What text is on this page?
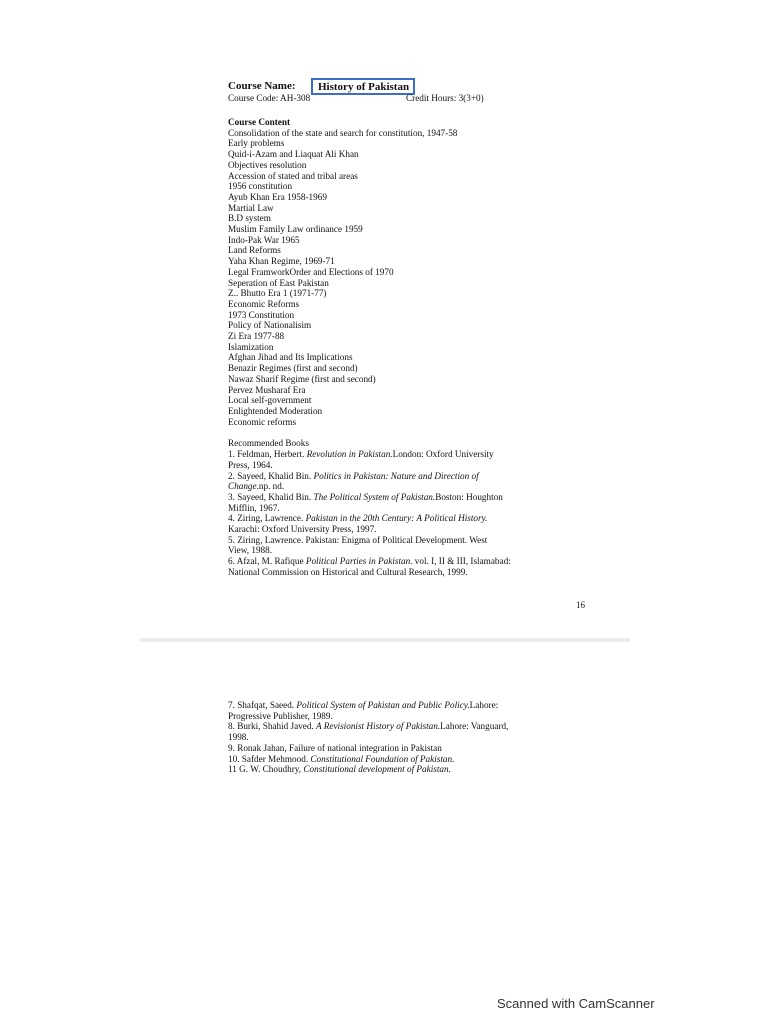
Course Name:	History of Pakistan
Course Code: AH-308	Credit Hours: 3(3+0)
Course Content
Consolidation of the state and search for constitution, 1947-58
Early problems
Quid-i-Azam and Liaquat Ali Khan
Objectives resolution
Accession of stated and tribal areas
1956 constitution
Ayub Khan Era 1958-1969
Martial Law
B.D system
Muslim Family Law ordinance 1959
Indo-Pak War 1965
Land Reforms
Yaha Khan Regime, 1969-71
Legal FramworkOrder and Elections of 1970
Seperation of East Pakistan
Z.. Bhutto Era 1 (1971-77)
Economic Reforms
1973 Constitution
Policy of Nationalisim
Zi Era 1977-88
Islamization
Afghan Jihad and Its Implications
Benazir Regimes (first and second)
Nawaz Sharif Regime (first and second)
Pervez Musharaf Era
Local self-government
Enlightended Moderation
Economic reforms
Recommended Books
1. Feldman, Herbert. Revolution in Pakistan.London: Oxford University
Press, 1964.
2. Sayeed, Khalid Bin. Politics in Pakistan: Nature and Direction of
Change.np. nd.
3. Sayeed, Khalid Bin. The Political System of Pakistan.Boston: Houghton
Mifflin, 1967.
4. Ziring, Lawrence. Pakistan in the 20th Century: A Political History.
Karachi: Oxford University Press, 1997.
5. Ziring, Lawrence. Pakistan: Enigma of Political Development. West
View, 1988.
6. Afzal, M. Rafique Political Parties in Pakistan. vol. I, II & III, Islamabad:
National Commission on Historical and Cultural Research, 1999.
16
7. Shafqat, Saeed. Political System of Pakistan and Public Policy.Lahore:
Progressive Publisher, 1989.
8. Burki, Shahid Javed. A Revisionist History of Pakistan.Lahore: Vanguard,
1998.
9. Ronak Jahan, Failure of national integration in Pakistan
10. Safder Mehmood. Constitutional Foundation of Pakistan.
11 G. W. Choudhry, Constitutional development of Pakistan.
Scanned with CamScanner
